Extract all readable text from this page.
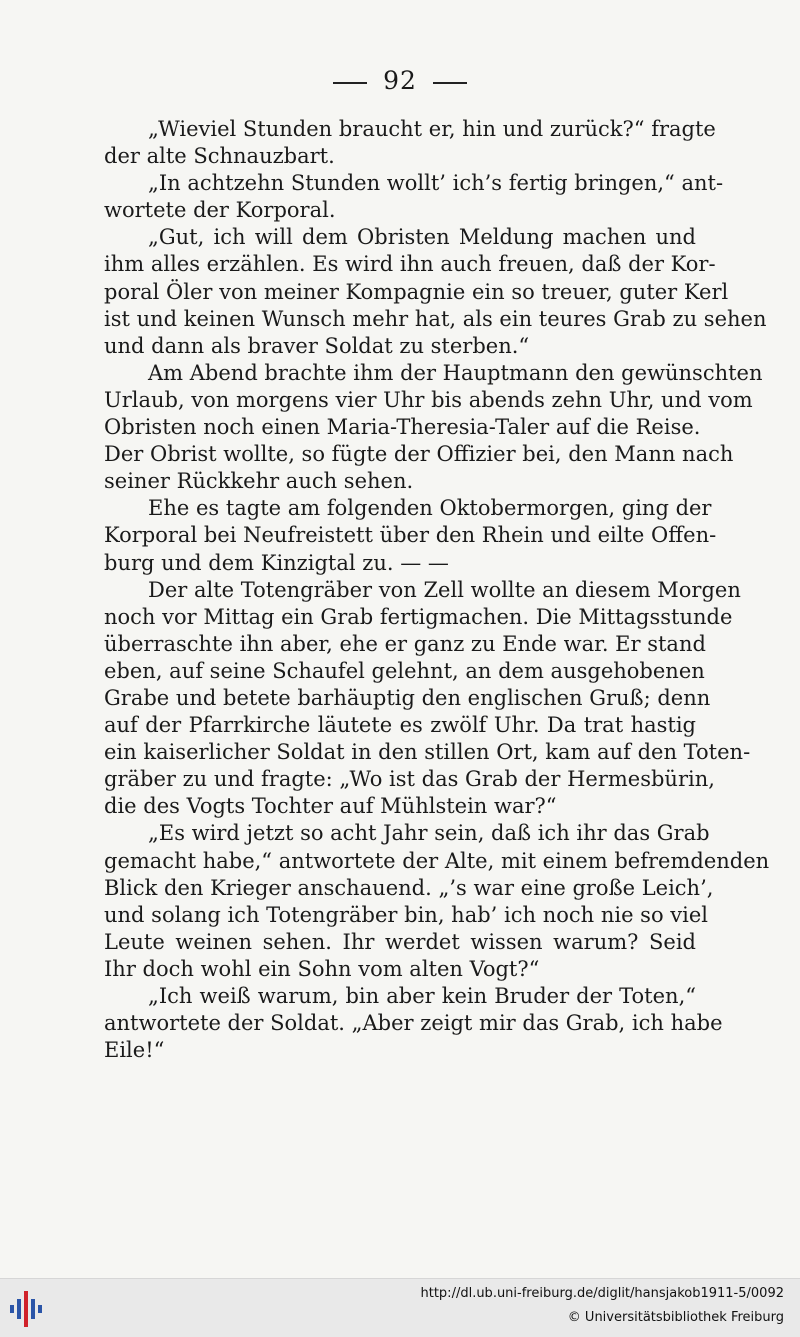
92
„Wieviel Stunden braucht er, hin und zurück?“ fragte
der alte Schnauzbart.
„In achtzehn Stunden wollt’ ich’s fertig bringen,“ ant-
wortete der Korporal.
„Gut, ich will dem Obristen Meldung machen und
ihm alles erzählen. Es wird ihn auch freuen, daß der Kor-
poral Öler von meiner Kompagnie ein so treuer, guter Kerl
ist und keinen Wunsch mehr hat, als ein teures Grab zu sehen
und dann als braver Soldat zu sterben.“
Am Abend brachte ihm der Hauptmann den gewünschten
Urlaub, von morgens vier Uhr bis abends zehn Uhr, und vom
Obristen noch einen Maria-Theresia-Taler auf die Reise.
Der Obrist wollte, so fügte der Offizier bei, den Mann nach
seiner Rückkehr auch sehen.
Ehe es tagte am folgenden Oktobermorgen, ging der
Korporal bei Neufreistett über den Rhein und eilte Offen-
burg und dem Kinzigtal zu. — —
Der alte Totengräber von Zell wollte an diesem Morgen
noch vor Mittag ein Grab fertigmachen. Die Mittagsstunde
überraschte ihn aber, ehe er ganz zu Ende war. Er stand
eben, auf seine Schaufel gelehnt, an dem ausgehobenen
Grabe und betete barhäuptig den englischen Gruß; denn
auf der Pfarrkirche läutete es zwölf Uhr. Da trat hastig
ein kaiserlicher Soldat in den stillen Ort, kam auf den Toten-
gräber zu und fragte: „Wo ist das Grab der Hermesbürin,
die des Vogts Tochter auf Mühlstein war?“
„Es wird jetzt so acht Jahr sein, daß ich ihr das Grab
gemacht habe,“ antwortete der Alte, mit einem befremdenden
Blick den Krieger anschauend. „’s war eine große Leich’,
und solang ich Totengräber bin, hab’ ich noch nie so viel
Leute weinen sehen. Ihr werdet wissen warum? Seid
Ihr doch wohl ein Sohn vom alten Vogt?“
„Ich weiß warum, bin aber kein Bruder der Toten,“
antwortete der Soldat. „Aber zeigt mir das Grab, ich habe
Eile!“
http://dl.ub.uni-freiburg.de/diglit/hansjakob1911-5/0092
© Universitätsbibliothek Freiburg
